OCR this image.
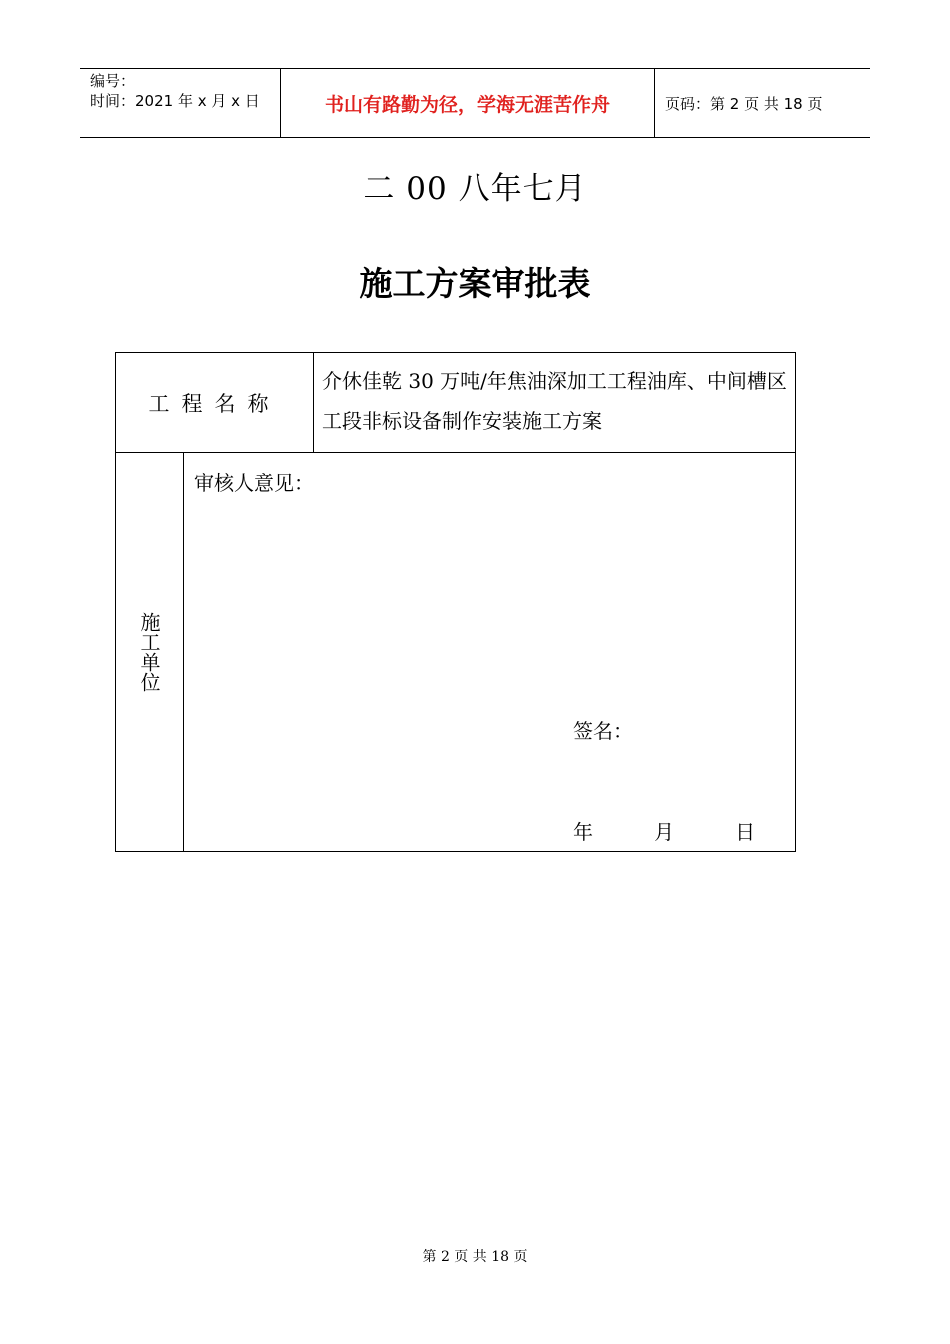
编号：
时间：2021 年 x 月 x 日	书山有路勤为径，学海无涯苦作舟	页码：第 2 页 共 18 页
二 00 八年七月
施工方案审批表
工程名称
介休佳乾 30 万吨/年焦油深加工工程油库、中间槽区工段非标设备制作安装施工方案
施工单位
审核人意见：
签名：
年   月   日
第 2 页 共 18 页
